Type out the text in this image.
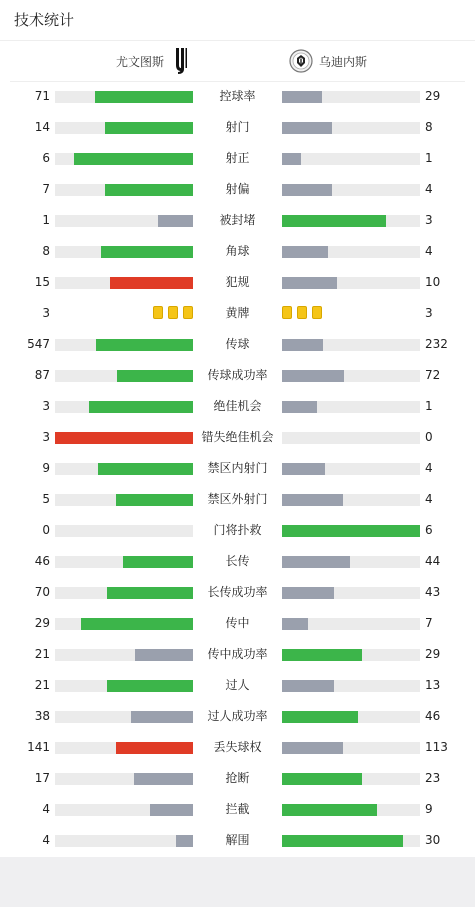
技术统计
尤文图斯	乌迪内斯
71	控球率	29
14	射门	8
6	射正	1
7	射偏	4
1	被封堵	3
8	角球	4
15	犯规	10
3	黄牌	3
547	传球	232
87	传球成功率	72
3	绝佳机会	1
3	错失绝佳机会	0
9	禁区内射门	4
5	禁区外射门	4
0	门将扑救	6
46	长传	44
70	长传成功率	43
29	传中	7
21	传中成功率	29
21	过人	13
38	过人成功率	46
141	丢失球权	113
17	抢断	23
4	拦截	9
4	解围	30
